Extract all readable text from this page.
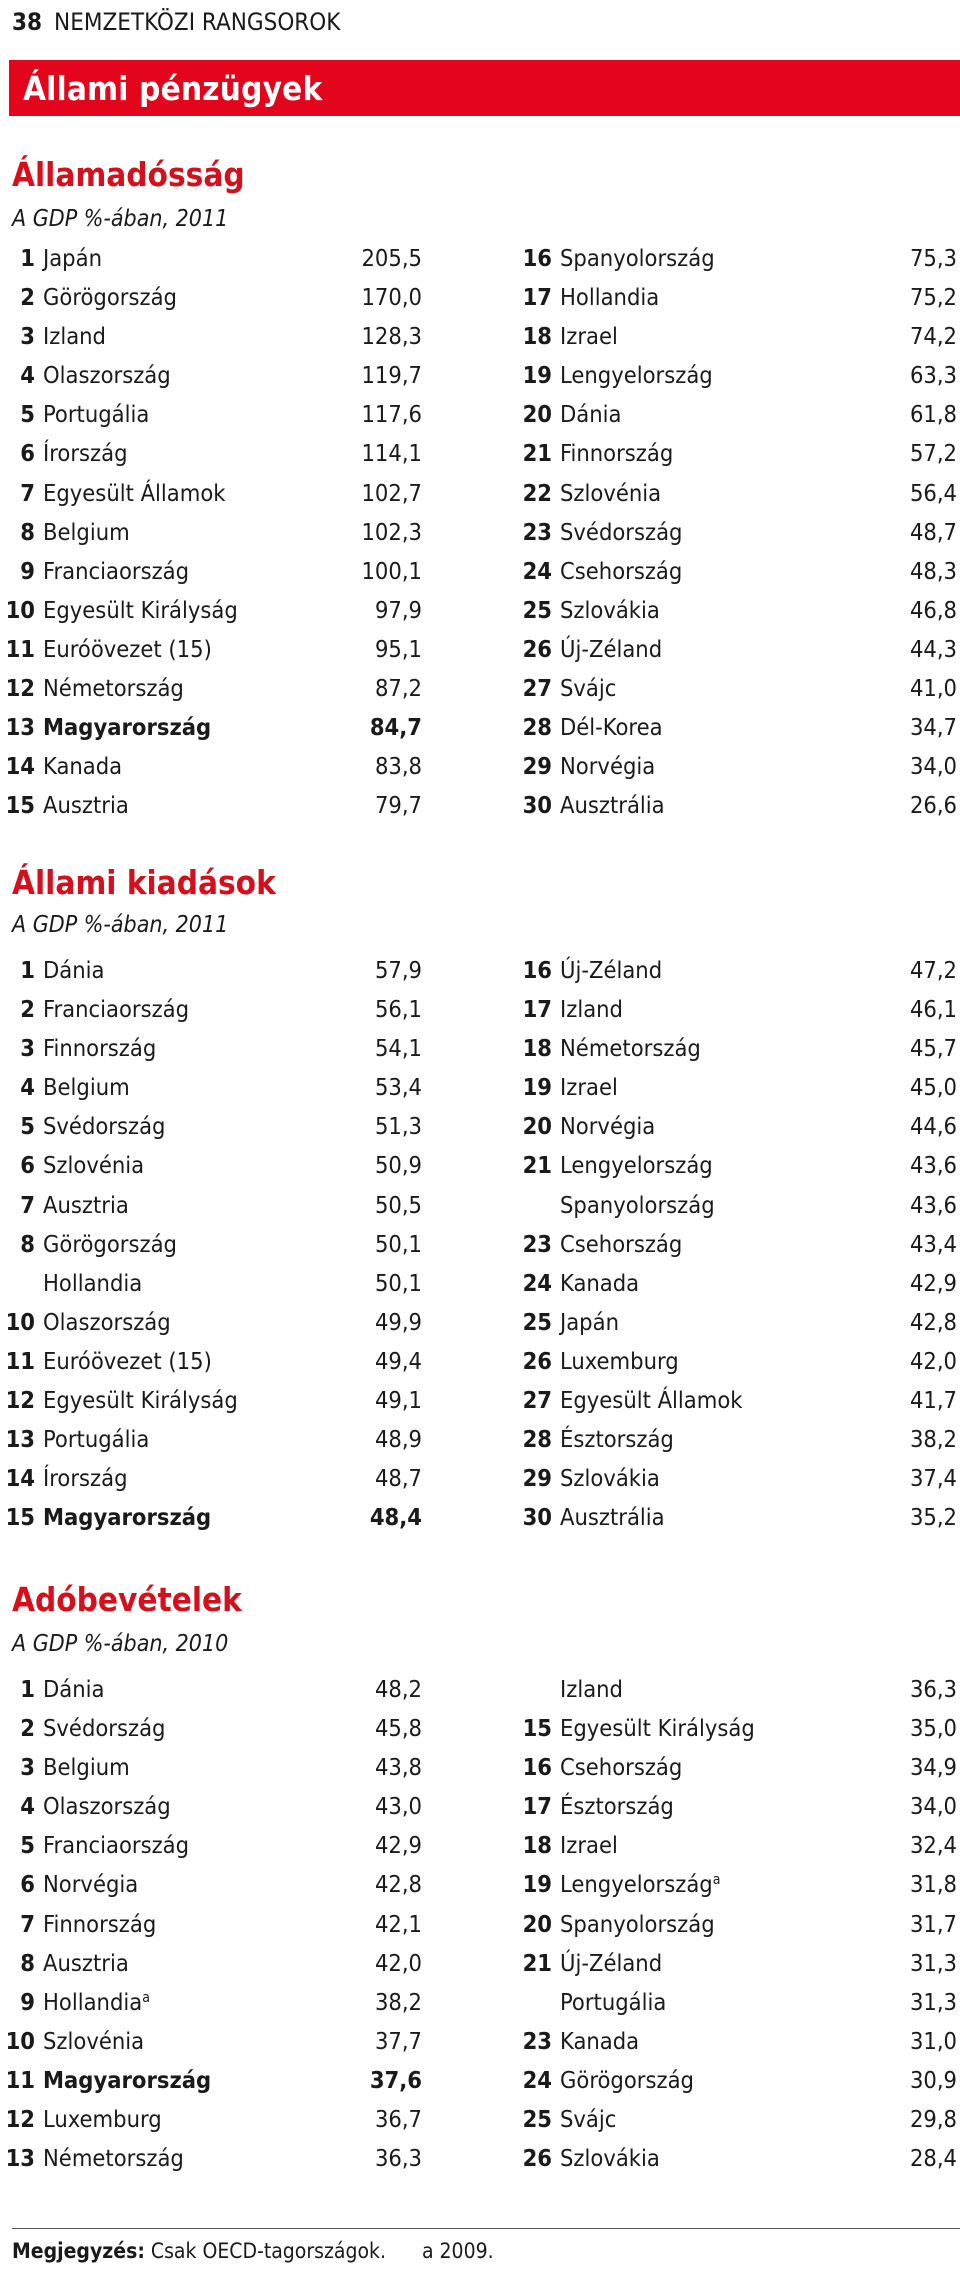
38 NEMZETKÖZI RANGSOROK
Állami pénzügyek
Államadósság
A GDP %-ában, 2011
1 Japán	205,5
2 Görögország	170,0
3 Izland	128,3
4 Olaszország	119,7
5 Portugália	117,6
6 Írország	114,1
7 Egyesült Államok	102,7
8 Belgium	102,3
9 Franciaország	100,1
10 Egyesült Királyság	97,9
11 Euróövezet (15)	95,1
12 Németország	87,2
13 Magyarország	84,7
14 Kanada	83,8
15 Ausztria	79,7
16 Spanyolország	75,3
17 Hollandia	75,2
18 Izrael	74,2
19 Lengyelország	63,3
20 Dánia	61,8
21 Finnország	57,2
22 Szlovénia	56,4
23 Svédország	48,7
24 Csehország	48,3
25 Szlovákia	46,8
26 Új-Zéland	44,3
27 Svájc	41,0
28 Dél-Korea	34,7
29 Norvégia	34,0
30 Ausztrália	26,6
Állami kiadások
A GDP %-ában, 2011
1 Dánia	57,9
2 Franciaország	56,1
3 Finnország	54,1
4 Belgium	53,4
5 Svédország	51,3
6 Szlovénia	50,9
7 Ausztria	50,5
8 Görögország	50,1
Hollandia	50,1
10 Olaszország	49,9
11 Euróövezet (15)	49,4
12 Egyesült Királyság	49,1
13 Portugália	48,9
14 Írország	48,7
15 Magyarország	48,4
16 Új-Zéland	47,2
17 Izland	46,1
18 Németország	45,7
19 Izrael	45,0
20 Norvégia	44,6
21 Lengyelország	43,6
Spanyolország	43,6
23 Csehország	43,4
24 Kanada	42,9
25 Japán	42,8
26 Luxemburg	42,0
27 Egyesült Államok	41,7
28 Észtország	38,2
29 Szlovákia	37,4
30 Ausztrália	35,2
Adóbevételek
A GDP %-ában, 2010
1 Dánia	48,2
2 Svédország	45,8
3 Belgium	43,8
4 Olaszország	43,0
5 Franciaország	42,9
6 Norvégia	42,8
7 Finnország	42,1
8 Ausztria	42,0
9 Hollandia$^a$	38,2
10 Szlovénia	37,7
11 Magyarország	37,6
12 Luxemburg	36,7
13 Németország	36,3
Izland	36,3
15 Egyesült Királyság	35,0
16 Csehország	34,9
17 Észtország	34,0
18 Izrael	32,4
19 Lengyelország$^a$	31,8
20 Spanyolország	31,7
21 Új-Zéland	31,3
Portugália	31,3
23 Kanada	31,0
24 Görögország	30,9
25 Svájc	29,8
26 Szlovákia	28,4
Megjegyzés: Csak OECD-tagországok. a 2009.
